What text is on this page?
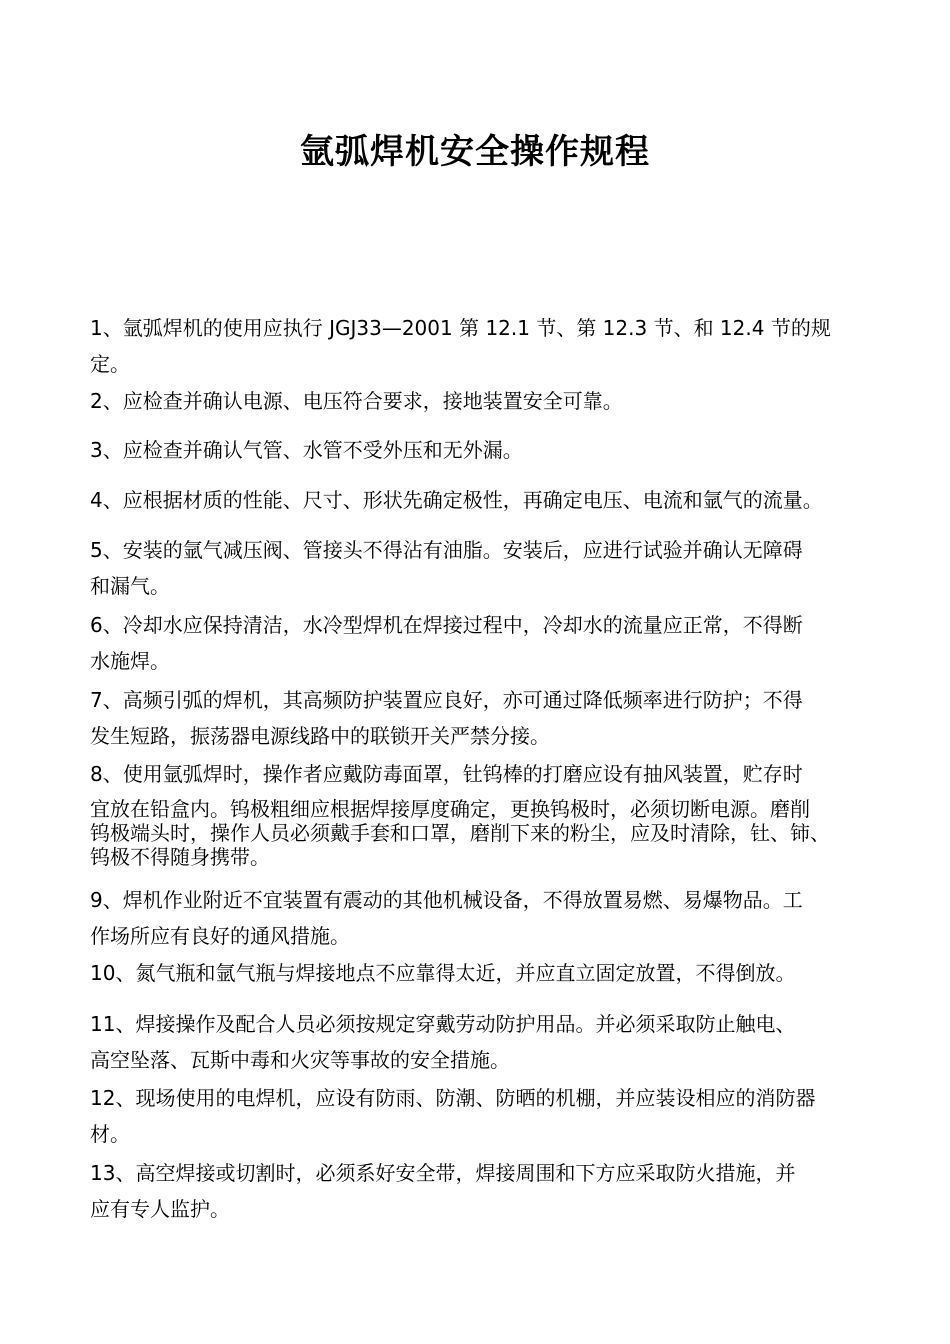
氩弧焊机安全操作规程
1、氩弧焊机的使用应执行 JGJ33—2001 第 12.1 节、第 12.3 节、和 12.4 节的规
定。
2、应检查并确认电源、电压符合要求，接地装置安全可靠。
3、应检查并确认气管、水管不受外压和无外漏。
4、应根据材质的性能、尺寸、形状先确定极性，再确定电压、电流和氩气的流量。
5、安装的氩气减压阀、管接头不得沾有油脂。安装后，应进行试验并确认无障碍
和漏气。
6、冷却水应保持清洁，水冷型焊机在焊接过程中，冷却水的流量应正常，不得断
水施焊。
7、高频引弧的焊机，其高频防护装置应良好，亦可通过降低频率进行防护；不得
发生短路，振荡器电源线路中的联锁开关严禁分接。
8、使用氩弧焊时，操作者应戴防毒面罩，钍钨棒的打磨应设有抽风装置，贮存时
宜放在铅盒内。钨极粗细应根据焊接厚度确定，更换钨极时，必须切断电源。磨削
钨极端头时，操作人员必须戴手套和口罩，磨削下来的粉尘，应及时清除，钍、铈、
钨极不得随身携带。
9、焊机作业附近不宜装置有震动的其他机械设备，不得放置易燃、易爆物品。工
作场所应有良好的通风措施。
10、氮气瓶和氩气瓶与焊接地点不应靠得太近，并应直立固定放置，不得倒放。
11、焊接操作及配合人员必须按规定穿戴劳动防护用品。并必须采取防止触电、
高空坠落、瓦斯中毒和火灾等事故的安全措施。
12、现场使用的电焊机，应设有防雨、防潮、防晒的机棚，并应装设相应的消防器
材。
13、高空焊接或切割时，必须系好安全带，焊接周围和下方应采取防火措施，并
应有专人监护。
